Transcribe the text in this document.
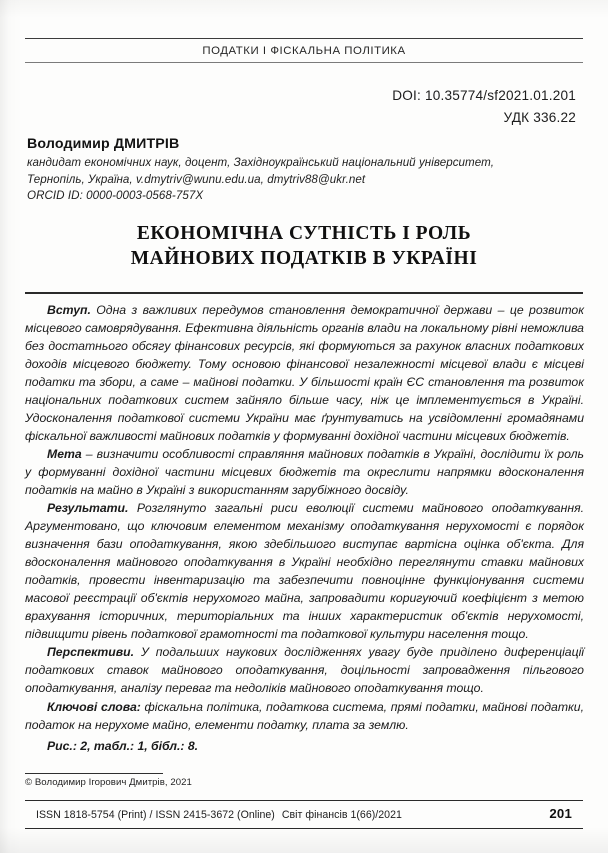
ПОДАТКИ І ФІСКАЛЬНА ПОЛІТИКА
DOI: 10.35774/sf2021.01.201
УДК 336.22
Володимир ДМИТРІВ
кандидат економічних наук, доцент, Західноукраїнський національний університет,
Тернопіль, Україна, v.dmytriv@wunu.edu.ua, dmytriv88@ukr.net
ORCID ID: 0000-0003-0568-757X
ЕКОНОМІЧНА СУТНІСТЬ І РОЛЬ
МАЙНОВИХ ПОДАТКІВ В УКРАЇНІ

Вступ. Одна з важливих передумов становлення демократичної держави – це розвиток місцевого самоврядування. Ефективна діяльність органів влади на локальному рівні неможлива без достатнього обсягу фінансових ресурсів, які формуються за рахунок власних податкових доходів місцевого бюджету. Тому основою фінансової незалежності місцевої влади є місцеві податки та збори, а саме – майнові податки. У більшості країн ЄС становлення та розвиток національних податкових систем зайняло більше часу, ніж це імплементується в Україні. Удосконалення податкової системи України має ґрунтуватись на усвідомленні громадянами фіскальної важливості майнових податків у формуванні дохідної частини місцевих бюджетів.

Мета – визначити особливості справляння майнових податків в Україні, дослідити їх роль у формуванні дохідної частини місцевих бюджетів та окреслити напрямки вдосконалення податків на майно в Україні з використанням зарубіжного досвіду.

Результати. Розглянуто загальні риси еволюції системи майнового оподаткування. Аргументовано, що ключовим елементом механізму оподаткування нерухомості є порядок визначення бази оподаткування, якою здебільшого виступає вартісна оцінка об'єкта. Для вдосконалення майнового оподаткування в Україні необхідно переглянути ставки майнових податків, провести інвентаризацію та забезпечити повноцінне функціонування системи масової реєстрації об'єктів нерухомого майна, запровадити коригуючий коефіцієнт з метою врахування історичних, територіальних та інших характеристик об'єктів нерухомості, підвищити рівень податкової грамотності та податкової культури населення тощо.

Перспективи. У подальших наукових дослідженнях увагу буде приділено диференціації податкових ставок майнового оподаткування, доцільності запровадження пільгового оподаткування, аналізу переваг та недоліків майнового оподаткування тощо.

Ключові слова: фіскальна політика, податкова система, прямі податки, майнові податки, податок на нерухоме майно, елементи податку, плата за землю.

Рис.: 2, табл.: 1, бібл.: 8.
© Володимир Ігорович Дмитрів, 2021
ISSN 1818-5754 (Print) / ISSN 2415-3672 (Online) Світ фінансів 1(66)/2021	201
